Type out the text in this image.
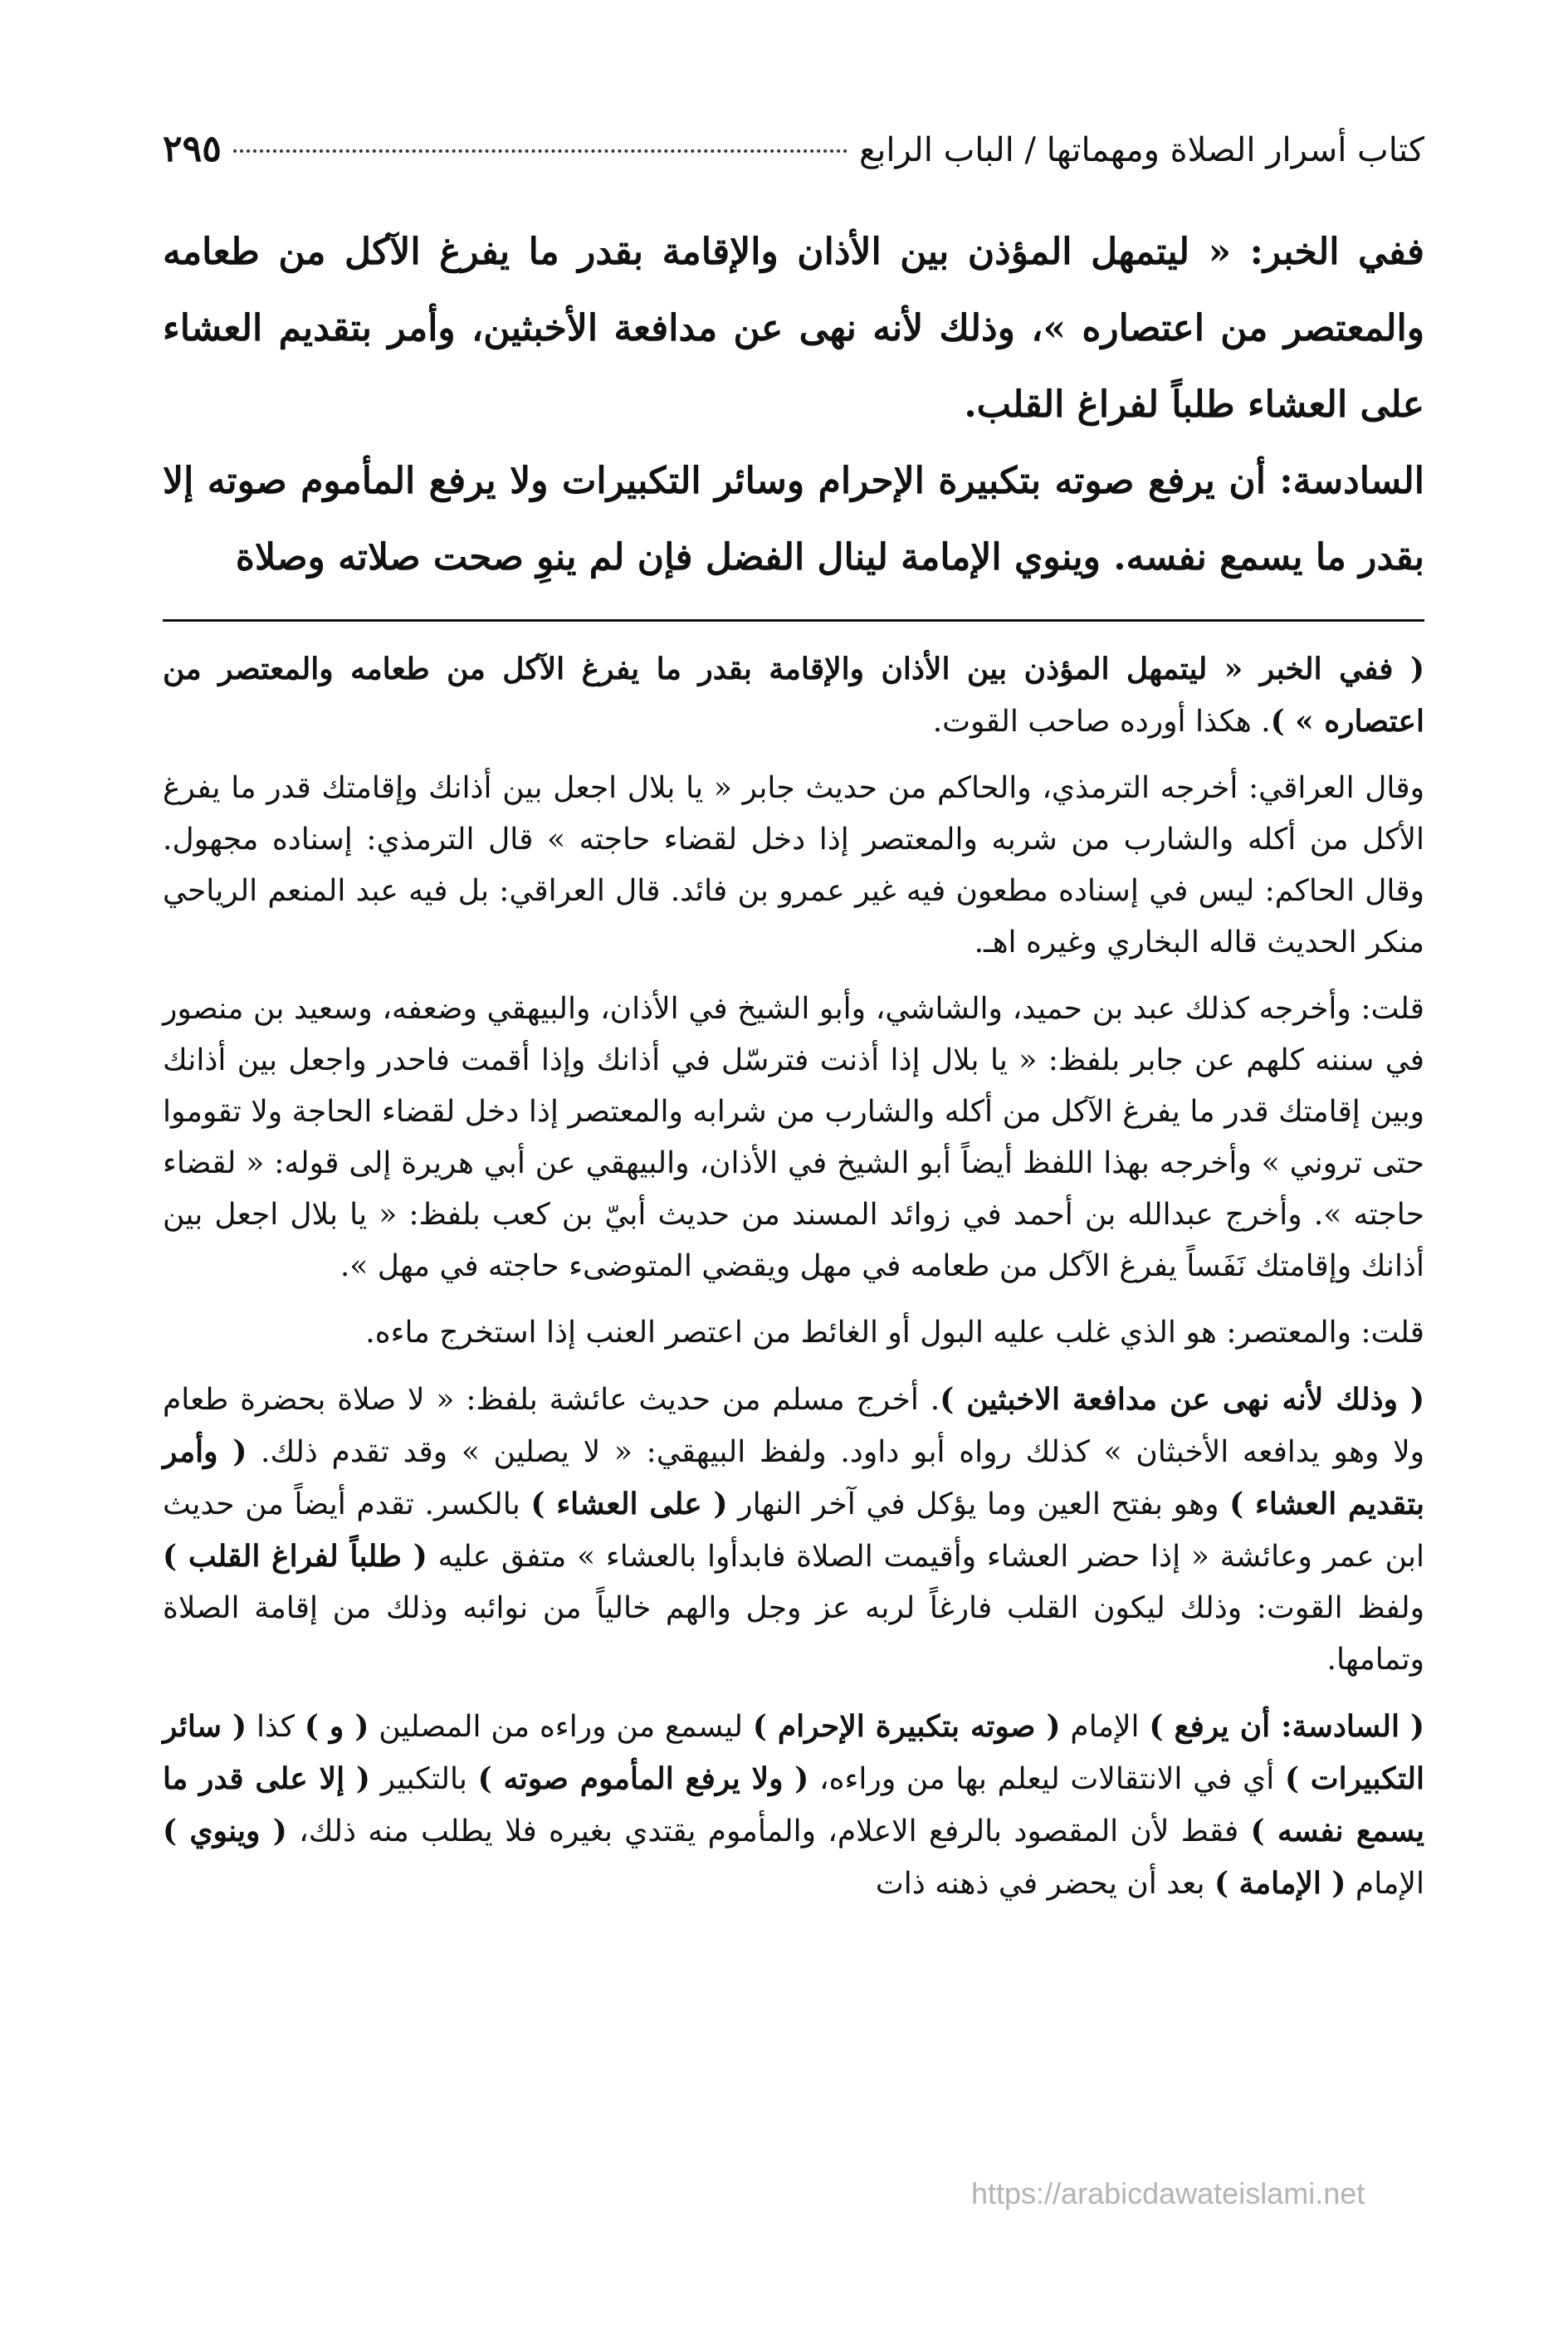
كتاب أسرار الصلاة ومهماتها / الباب الرابع
٢٩٥

ففي الخبر: « ليتمهل المؤذن بين الأذان والإقامة بقدر ما يفرغ الآكل من طعامه والمعتصر من اعتصاره »، وذلك لأنه نهى عن مدافعة الأخبثين، وأمر بتقديم العشاء على العشاء طلباً لفراغ القلب.

السادسة: أن يرفع صوته بتكبيرة الإحرام وسائر التكبيرات ولا يرفع المأموم صوته إلا بقدر ما يسمع نفسه. وينوي الإمامة لينال الفضل فإن لم ينوِ صحت صلاته وصلاة

( ففي الخبر « ليتمهل المؤذن بين الأذان والإقامة بقدر ما يفرغ الآكل من طعامه والمعتصر من اعتصاره » ). هكذا أورده صاحب القوت.

وقال العراقي: أخرجه الترمذي، والحاكم من حديث جابر « يا بلال اجعل بين أذانك وإقامتك قدر ما يفرغ الأكل من أكله والشارب من شربه والمعتصر إذا دخل لقضاء حاجته » قال الترمذي: إسناده مجهول. وقال الحاكم: ليس في إسناده مطعون فيه غير عمرو بن فائد. قال العراقي: بل فيه عبد المنعم الرياحي منكر الحديث قاله البخاري وغيره اهـ.

قلت: وأخرجه كذلك عبد بن حميد، والشاشي، وأبو الشيخ في الأذان، والبيهقي وضعفه، وسعيد بن منصور في سننه كلهم عن جابر بلفظ: « يا بلال إذا أذنت فترسّل في أذانك وإذا أقمت فاحدر واجعل بين أذانك وبين إقامتك قدر ما يفرغ الآكل من أكله والشارب من شرابه والمعتصر إذا دخل لقضاء الحاجة ولا تقوموا حتى تروني » وأخرجه بهذا اللفظ أيضاً أبو الشيخ في الأذان، والبيهقي عن أبي هريرة إلى قوله: « لقضاء حاجته ». وأخرج عبدالله بن أحمد في زوائد المسند من حديث أبيّ بن كعب بلفظ: « يا بلال اجعل بين أذانك وإقامتك نَفَساً يفرغ الآكل من طعامه في مهل ويقضي المتوضىء حاجته في مهل ».

قلت: والمعتصر: هو الذي غلب عليه البول أو الغائط من اعتصر العنب إذا استخرج ماءه.

( وذلك لأنه نهى عن مدافعة الاخبثين ). أخرج مسلم من حديث عائشة بلفظ: « لا صلاة بحضرة طعام ولا وهو يدافعه الأخبثان » كذلك رواه أبو داود. ولفظ البيهقي: « لا يصلين » وقد تقدم ذلك. ( وأمر بتقديم العشاء ) وهو بفتح العين وما يؤكل في آخر النهار ( على العشاء ) بالكسر. تقدم أيضاً من حديث ابن عمر وعائشة « إذا حضر العشاء وأقيمت الصلاة فابدأوا بالعشاء » متفق عليه ( طلباً لفراغ القلب ) ولفظ القوت: وذلك ليكون القلب فارغاً لربه عز وجل والهم خالياً من نوائبه وذلك من إقامة الصلاة وتمامها.

( السادسة: أن يرفع ) الإمام ( صوته بتكبيرة الإحرام ) ليسمع من وراءه من المصلين ( و ) كذا ( سائر التكبيرات ) أي في الانتقالات ليعلم بها من وراءه، ( ولا يرفع المأموم صوته ) بالتكبير ( إلا على قدر ما يسمع نفسه ) فقط لأن المقصود بالرفع الاعلام، والمأموم يقتدي بغيره فلا يطلب منه ذلك، ( وينوي ) الإمام ( الإمامة ) بعد أن يحضر في ذهنه ذات

https://arabicdawateislami.net
